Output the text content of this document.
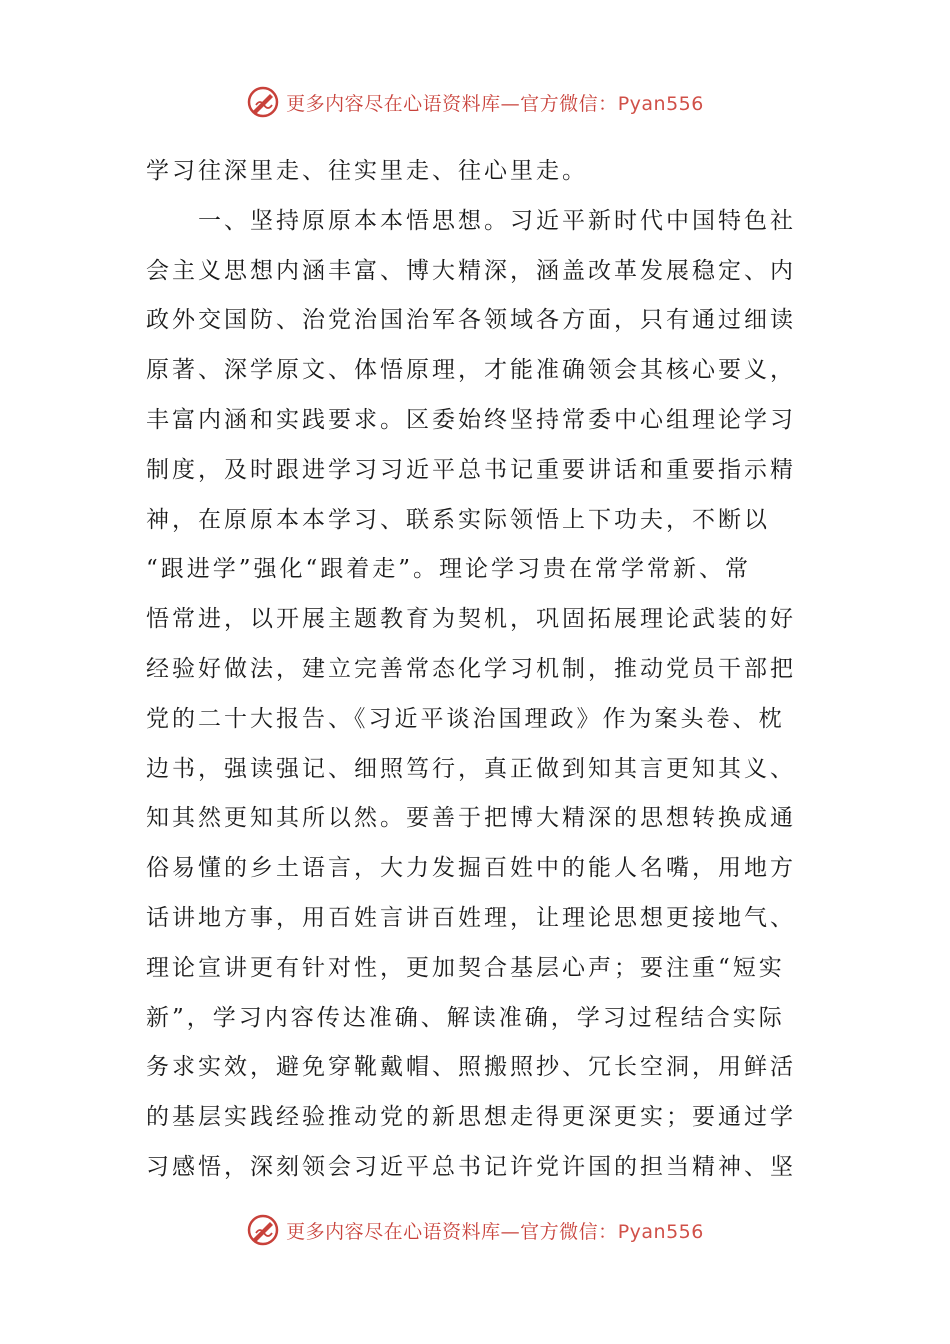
更多内容尽在心语资料库—官方微信：Pyan556
学习往深里走、往实里走、往心里走。
一、坚持原原本本悟思想。习近平新时代中国特色社
会主义思想内涵丰富、博大精深，涵盖改革发展稳定、内
政外交国防、治党治国治军各领域各方面，只有通过细读
原著、深学原文、体悟原理，才能准确领会其核心要义，
丰富内涵和实践要求。区委始终坚持常委中心组理论学习
制度，及时跟进学习习近平总书记重要讲话和重要指示精
神，在原原本本学习、联系实际领悟上下功夫，不断以
“跟进学”强化“跟着走”。理论学习贵在常学常新、常
悟常进，以开展主题教育为契机，巩固拓展理论武装的好
经验好做法，建立完善常态化学习机制，推动党员干部把
党的二十大报告、《习近平谈治国理政》作为案头卷、枕
边书，强读强记、细照笃行，真正做到知其言更知其义、
知其然更知其所以然。要善于把博大精深的思想转换成通
俗易懂的乡土语言，大力发掘百姓中的能人名嘴，用地方
话讲地方事，用百姓言讲百姓理，让理论思想更接地气、
理论宣讲更有针对性，更加契合基层心声；要注重“短实
新”，学习内容传达准确、解读准确，学习过程结合实际
务求实效，避免穿靴戴帽、照搬照抄、冗长空洞，用鲜活
的基层实践经验推动党的新思想走得更深更实；要通过学
习感悟，深刻领会习近平总书记许党许国的担当精神、坚
更多内容尽在心语资料库—官方微信：Pyan556
